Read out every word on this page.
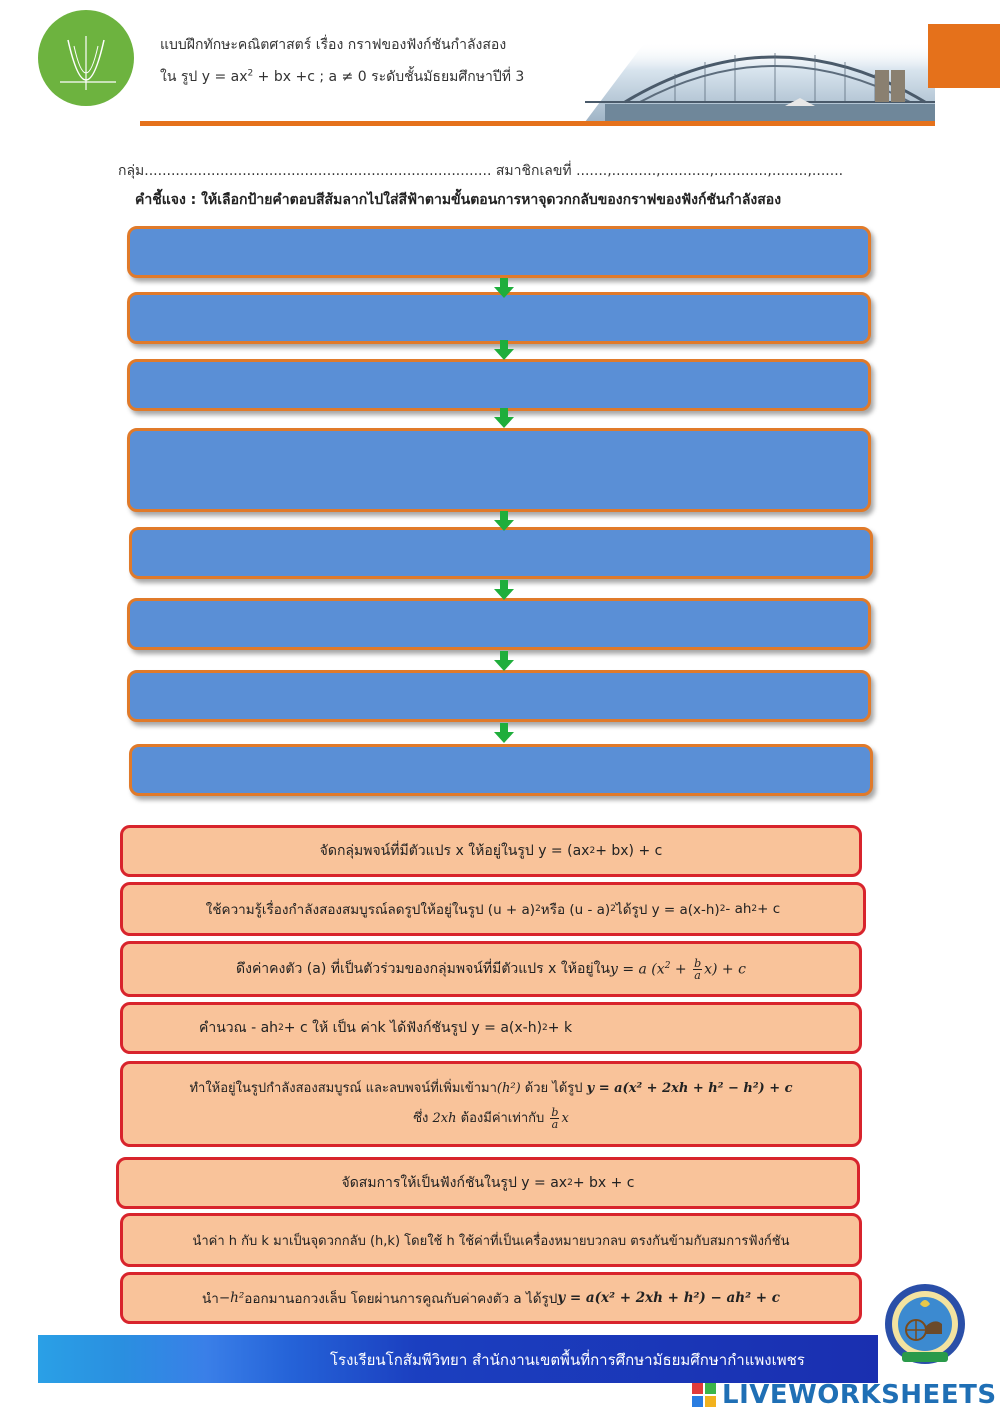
แบบฝึกทักษะคณิตศาสตร์ เรื่อง กราฟของฟังก์ชันกำลังสอง
ใน รูป $y = ax^2$ + bx +c ; a ≠ 0 ระดับชั้นมัธยมศึกษาปีที่ 3
กลุ่ม.............................................................................. สมาชิกเลขที่ .......,..........,...........,............,........,.......
คำชี้แจง : ให้เลือกป้ายคำตอบสีส้มลากไปใส่สีฟ้าตามขั้นตอนการหาจุดวกกลับของกราฟของฟังก์ชันกำลังสอง
จัดกลุ่มพจน์ที่มีตัวแปร x ให้อยู่ในรูป y = (ax 2 + bx) + c
ใช้ความรู้เรื่องกำลังสองสมบูรณ์ลดรูปให้อยู่ในรูป (u + a) 2 หรือ (u - a) 2 ได้รูป y = a(x-h) 2 - ah 2 + c
ดึงค่าคงตัว (a) ที่เป็นตัวร่วมของกลุ่มพจน์ที่มีตัวแปร x ให้อยู่ใน y = a $(x^2 + \frac{b}{a} x) + c$
คำนวณ - ah 2 + c ให้ เป็น ค่าk ได้ฟังก์ชันรูป y = a(x-h) 2 + k
ทำให้อยู่ในรูปกำลังสองสมบูรณ์ และลบพจน์ที่เพิ่มเข้ามา(h²) ด้วย ได้รูป y = a(x² + 2xh + h² − h²) + c
ซึ่ง 2xh ต้องมีค่าเท่ากับ $\frac{b}{a}$ x
จัดสมการให้เป็นฟังก์ชันในรูป y = ax 2 + bx + c
นำค่า h กับ k มาเป็นจุดวกกลับ (h,k) โดยใช้ h ใช้ค่าที่เป็นเครื่องหมายบวกลบ ตรงกันข้ามกับสมการฟังก์ชัน
นำ −h² ออกมานอกวงเล็บ โดยผ่านการคูณกับค่าคงตัว a ได้รูป y = a(x² + 2xh + h²) − ah² + c
โรงเรียนโกสัมพีวิทยา สำนักงานเขตพื้นที่การศึกษามัธยมศึกษากำแพงเพชร
LIVEWORKSHEETS
